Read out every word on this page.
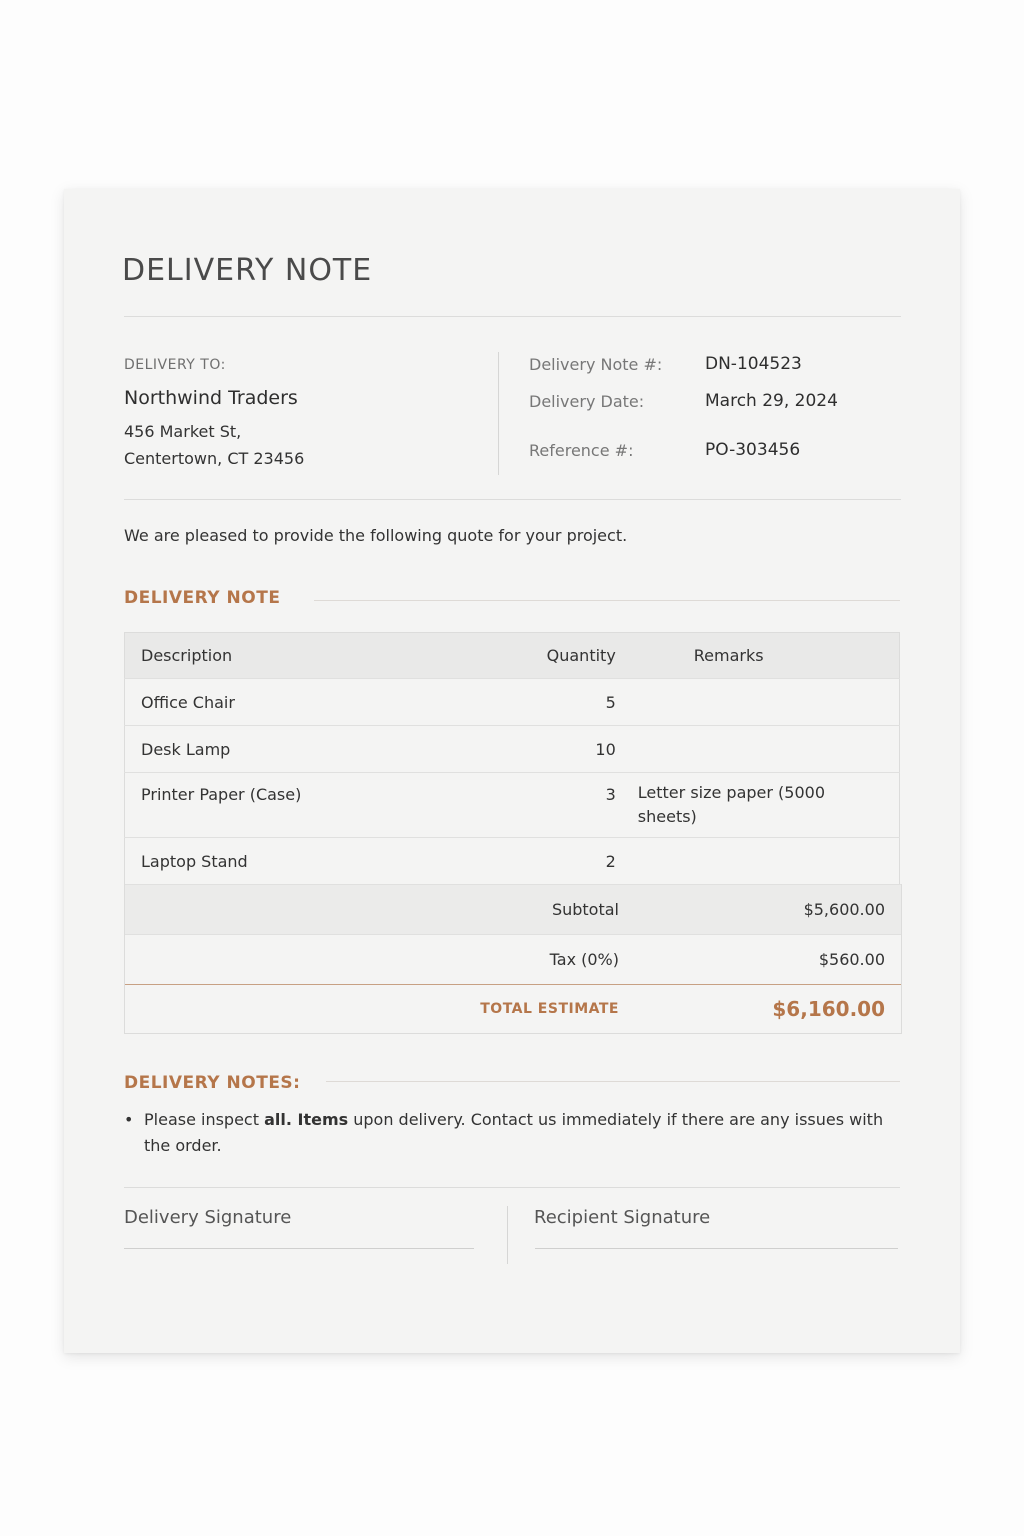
DELIVERY NOTE
DELIVERY TO:
Northwind Traders
456 Market St,
Centertown, CT 23456
Delivery Note #:	DN-104523
Delivery Date:	March 29, 2024
Reference #:	PO-303456
We are pleased to provide the following quote for your project.
DELIVERY NOTE
Description	Quantity	Remarks
Office Chair	5	
Desk Lamp	10	
Printer Paper (Case)	3	Letter size paper (5000 sheets)
Laptop Stand	2	
Subtotal	$5,600.00
Tax (0%)	$560.00
TOTAL ESTIMATE	$6,160.00
DELIVERY NOTES:
• Please inspect all. Items upon delivery. Contact us immediately if there are any issues with the order.
Delivery Signature	Recipient Signature
